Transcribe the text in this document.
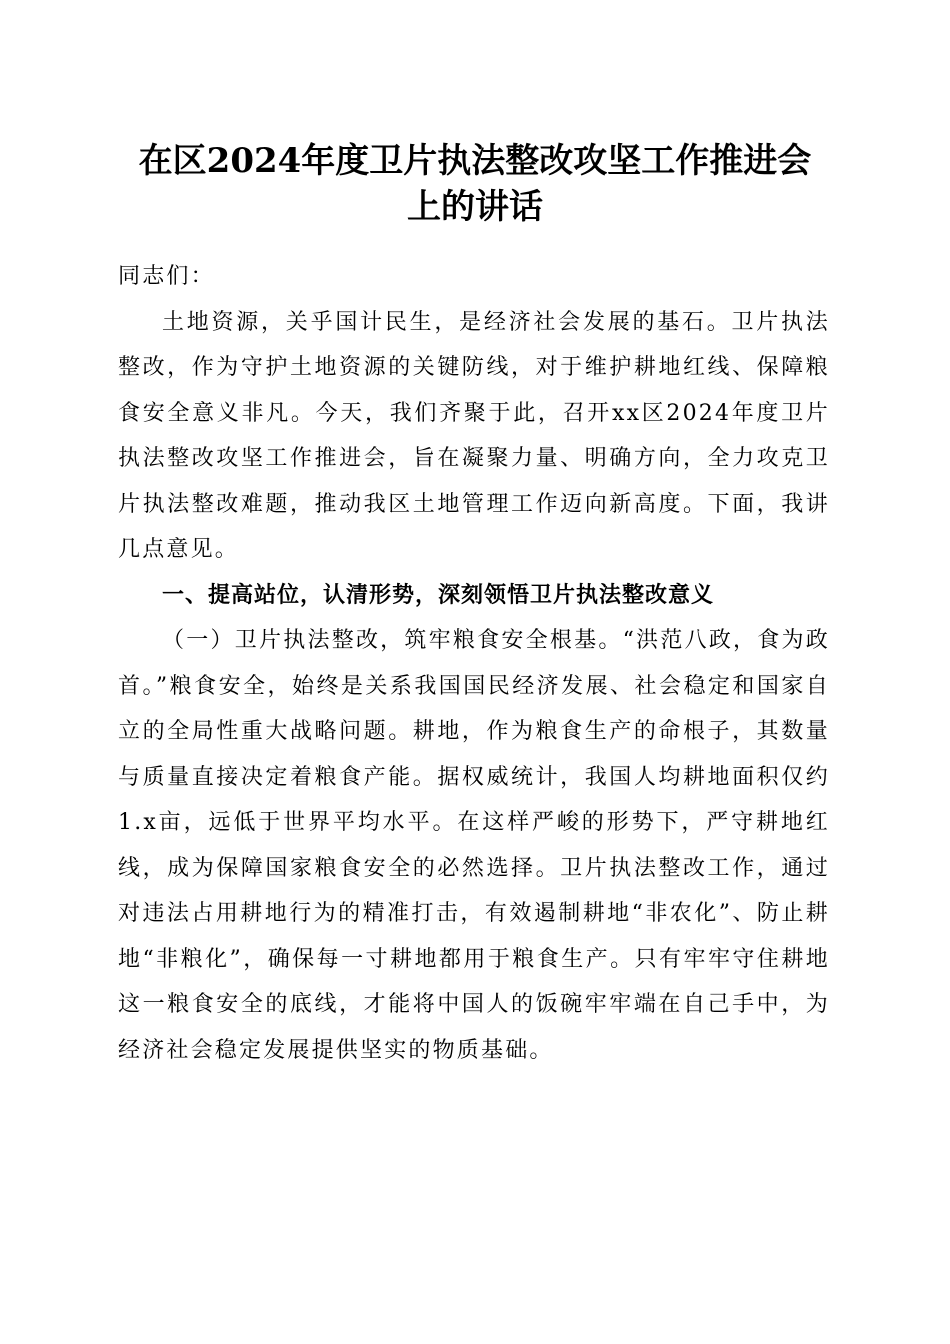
在区2024年度卫片执法整改攻坚工作推进会
上的讲话

同志们：

土地资源，关乎国计民生，是经济社会发展的基石。卫片执法整改，作为守护土地资源的关键防线，对于维护耕地红线、保障粮食安全意义非凡。今天，我们齐聚于此，召开xx区2024年度卫片执法整改攻坚工作推进会，旨在凝聚力量、明确方向，全力攻克卫片执法整改难题，推动我区土地管理工作迈向新高度。下面，我讲几点意见。

一、提高站位，认清形势，深刻领悟卫片执法整改意义

（一）卫片执法整改，筑牢粮食安全根基。“洪范八政，食为政首。”粮食安全，始终是关系我国国民经济发展、社会稳定和国家自立的全局性重大战略问题。耕地，作为粮食生产的命根子，其数量与质量直接决定着粮食产能。据权威统计，我国人均耕地面积仅约1.x亩，远低于世界平均水平。在这样严峻的形势下，严守耕地红线，成为保障国家粮食安全的必然选择。卫片执法整改工作，通过对违法占用耕地行为的精准打击，有效遏制耕地“非农化”、防止耕地“非粮化”，确保每一寸耕地都用于粮食生产。只有牢牢守住耕地这一粮食安全的底线，才能将中国人的饭碗牢牢端在自己手中，为经济社会稳定发展提供坚实的物质基础。
